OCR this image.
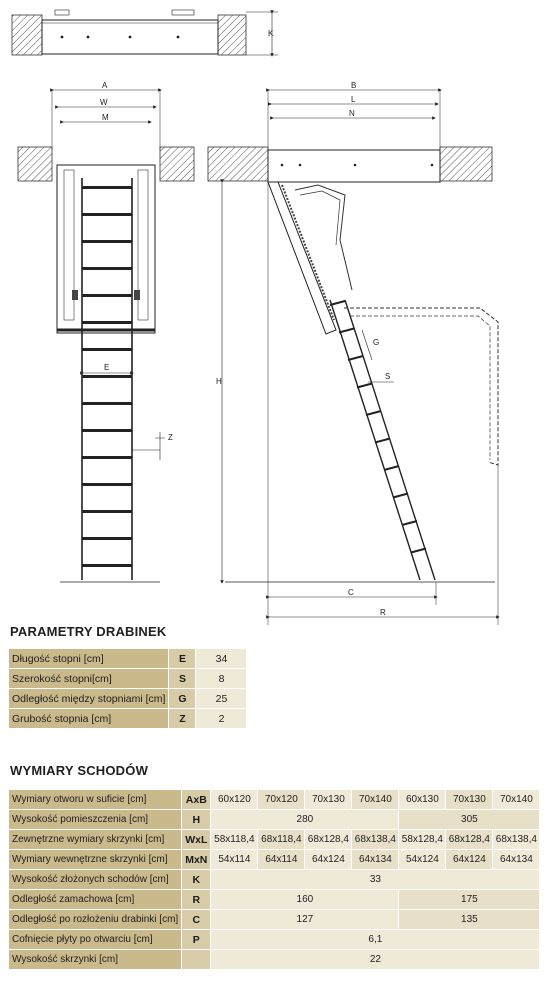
K
A
W
M
E
Z
B
L
N
H
G
S
C
R
PARAMETRY DRABINEK
Długość stopni [cm]	E	34
Szerokość stopni[cm]	S	8
Odległość między stopniami [cm]	G	25
Grubość stopnia [cm]	Z	2
WYMIARY SCHODÓW
Wymiary otworu w suficie [cm]	AxB	60x120	70x120	70x130	70x140	60x130	70x130	70x140
Wysokość pomieszczenia [cm]	H	280				305		
Zewnętrzne wymiary skrzynki [cm]	WxL	58x118,4	68x118,4	68x128,4	68x138,4	58x128,4	68x128,4	68x138,4
Wymiary wewnętrzne skrzynki [cm]	MxN	54x114	64x114	64x124	64x134	54x124	64x124	64x134
Wysokość złożonych schodów [cm]	K	33						
Odległość zamachowa [cm]	R	160				175		
Odległość po rozłożeniu drabinki [cm]	C	127				135		
Cofnięcie płyty po otwarciu [cm]	P	6,1						
Wysokość skrzynki [cm]		22						
